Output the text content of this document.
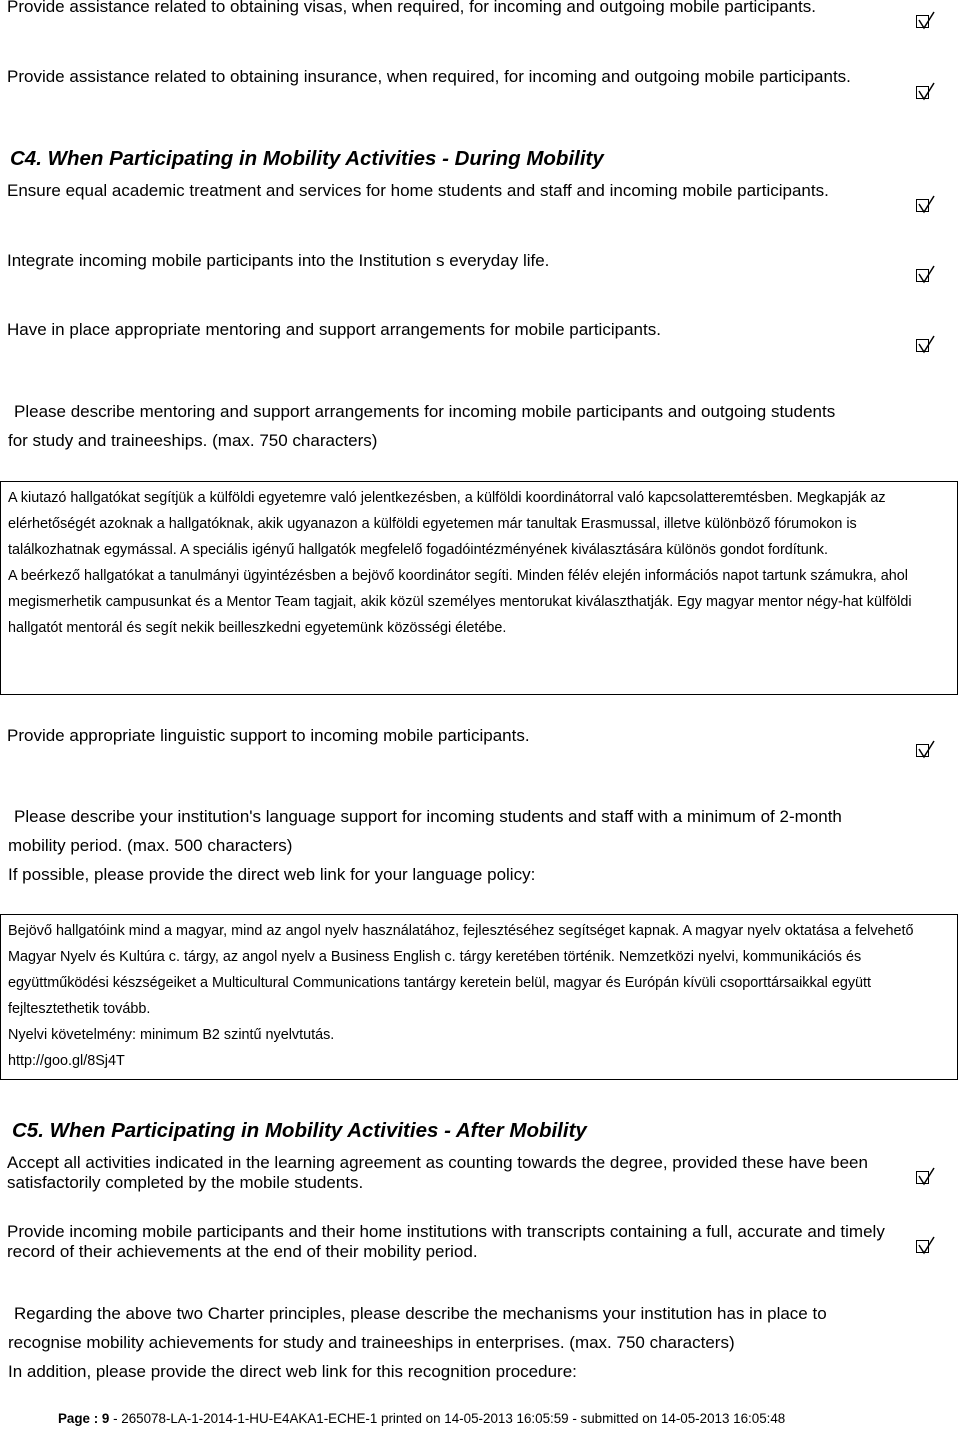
Provide assistance related to obtaining visas, when required, for incoming and outgoing mobile participants.
Provide assistance related to obtaining insurance, when required, for incoming and outgoing mobile participants.
C4. When Participating in Mobility Activities - During Mobility
Ensure equal academic treatment and services for home students and staff and incoming mobile participants.
Integrate incoming mobile participants into the Institution s everyday life.
Have in place appropriate mentoring and support arrangements for mobile participants.
Please describe mentoring and support arrangements for incoming mobile participants and outgoing students
for study and traineeships. (max. 750 characters)

A kiutazó hallgatókat segítjük a külföldi egyetemre való jelentkezésben, a külföldi koordinátorral való kapcsolatteremtésben. Megkapják az elérhetőségét azoknak a hallgatóknak, akik ugyanazon a külföldi egyetemen már tanultak Erasmussal, illetve különböző fórumokon is találkozhatnak egymással. A speciális igényű hallgatók megfelelő fogadóintézményének kiválasztására különös gondot fordítunk.

A beérkező hallgatókat a tanulmányi ügyintézésben a bejövő koordinátor segíti. Minden félév elején információs napot tartunk számukra, ahol megismerhetik campusunkat és a Mentor Team tagjait, akik közül személyes mentorukat kiválaszthatják. Egy magyar mentor négy-hat külföldi hallgatót mentorál és segít nekik beilleszkedni egyetemünk közösségi életébe.

Provide appropriate linguistic support to incoming mobile participants.
Please describe your institution's language support for incoming students and staff with a minimum of 2-month
mobility period. (max. 500 characters)
If possible, please provide the direct web link for your language policy:

Bejövő hallgatóink mind a magyar, mind az angol nyelv használatához, fejlesztéséhez segítséget kapnak. A magyar nyelv oktatása a felvehető Magyar Nyelv és Kultúra c. tárgy, az angol nyelv a Business English c. tárgy keretében történik. Nemzetközi nyelvi, kommunikációs és együttműködési készségeiket a Multicultural Communications tantárgy keretein belül, magyar és Európán kívüli csoporttársaikkal együtt fejltesztethetik tovább.

Nyelvi követelmény: minimum B2 szintű nyelvtutás.

http://goo.gl/8Sj4T

C5. When Participating in Mobility Activities - After Mobility
Accept all activities indicated in the learning agreement as counting towards the degree, provided these have been satisfactorily completed by the mobile students.
Provide incoming mobile participants and their home institutions with transcripts containing a full, accurate and timely record of their achievements at the end of their mobility period.
Regarding the above two Charter principles, please describe the mechanisms your institution has in place to
recognise mobility achievements for study and traineeships in enterprises. (max. 750 characters)
In addition, please provide the direct web link for this recognition procedure:
Page : 9 - 265078-LA-1-2014-1-HU-E4AKA1-ECHE-1 printed on 14-05-2013 16:05:59 - submitted on 14-05-2013 16:05:48
